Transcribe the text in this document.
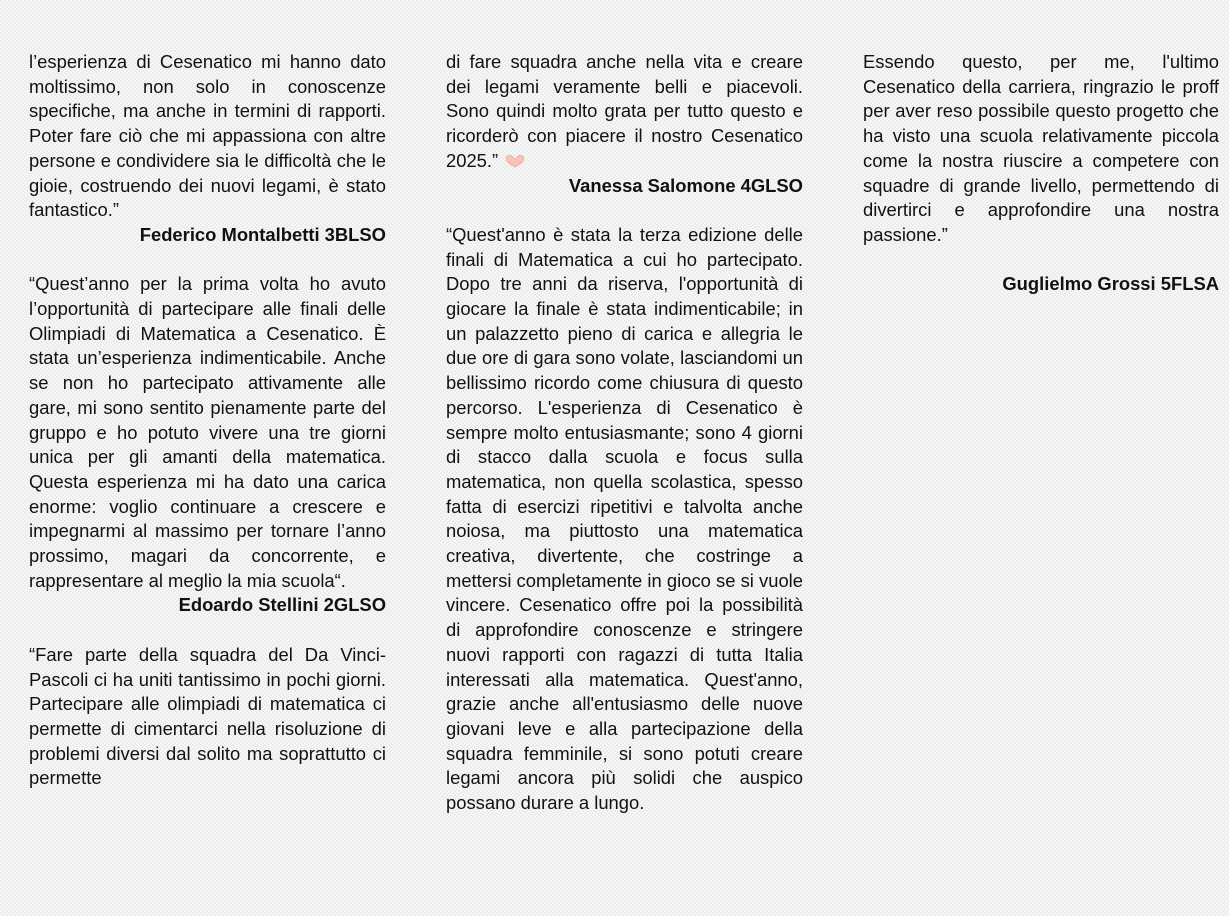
l’esperienza di Cesenatico mi hanno dato moltissimo, non solo in conoscenze specifiche, ma anche in termini di rapporti. Poter fare ciò che mi appassiona con altre persone e condividere sia le difficoltà che le gioie, costruendo dei nuovi legami, è stato fantastico.”

Federico Montalbetti 3BLSO

“Quest’anno per la prima volta ho avuto l’opportunità di partecipare alle finali delle Olimpiadi di Matematica a Cesenatico. È stata un’esperienza indimenticabile. Anche se non ho partecipato attivamente alle gare, mi sono sentito pienamente parte del gruppo e ho potuto vivere una tre giorni unica per gli amanti della matematica. Questa esperienza mi ha dato una carica enorme: voglio continuare a crescere e impegnarmi al massimo per tornare l’anno prossimo, magari da concorrente, e rappresentare al meglio la mia scuola“.

Edoardo Stellini 2GLSO

“Fare parte della squadra del Da Vinci-Pascoli ci ha uniti tantissimo in pochi giorni. Partecipare alle olimpiadi di matematica ci permette di cimentarci nella risoluzione di problemi diversi dal solito ma soprattutto ci permette

di fare squadra anche nella vita e creare dei legami veramente belli e piacevoli. Sono quindi molto grata per tutto questo e ricorderò con piacere il nostro Cesenatico 2025.”

Vanessa Salomone 4GLSO

“Quest'anno è stata la terza edizione delle finali di Matematica a cui ho partecipato. Dopo tre anni da riserva, l'opportunità di giocare la finale è stata indimenticabile; in un palazzetto pieno di carica e allegria le due ore di gara sono volate, lasciandomi un bellissimo ricordo come chiusura di questo percorso. L'esperienza di Cesenatico è sempre molto entusiasmante; sono 4 giorni di stacco dalla scuola e focus sulla matematica, non quella scolastica, spesso fatta di esercizi ripetitivi e talvolta anche noiosa, ma piuttosto una matematica creativa, divertente, che costringe a mettersi completamente in gioco se si vuole vincere. Cesenatico offre poi la possibilità di approfondire conoscenze e stringere nuovi rapporti con ragazzi di tutta Italia interessati alla matematica. Quest'anno, grazie anche all'entusiasmo delle nuove giovani leve e alla partecipazione della squadra femminile, si sono potuti creare legami ancora più solidi che auspico possano durare a lungo.

Essendo questo, per me, l'ultimo Cesenatico della carriera, ringrazio le proff per aver reso possibile questo progetto che ha visto una scuola relativamente piccola come la nostra riuscire a competere con squadre di grande livello, permettendo di divertirci e approfondire una nostra passione.”

Guglielmo Grossi 5FLSA
